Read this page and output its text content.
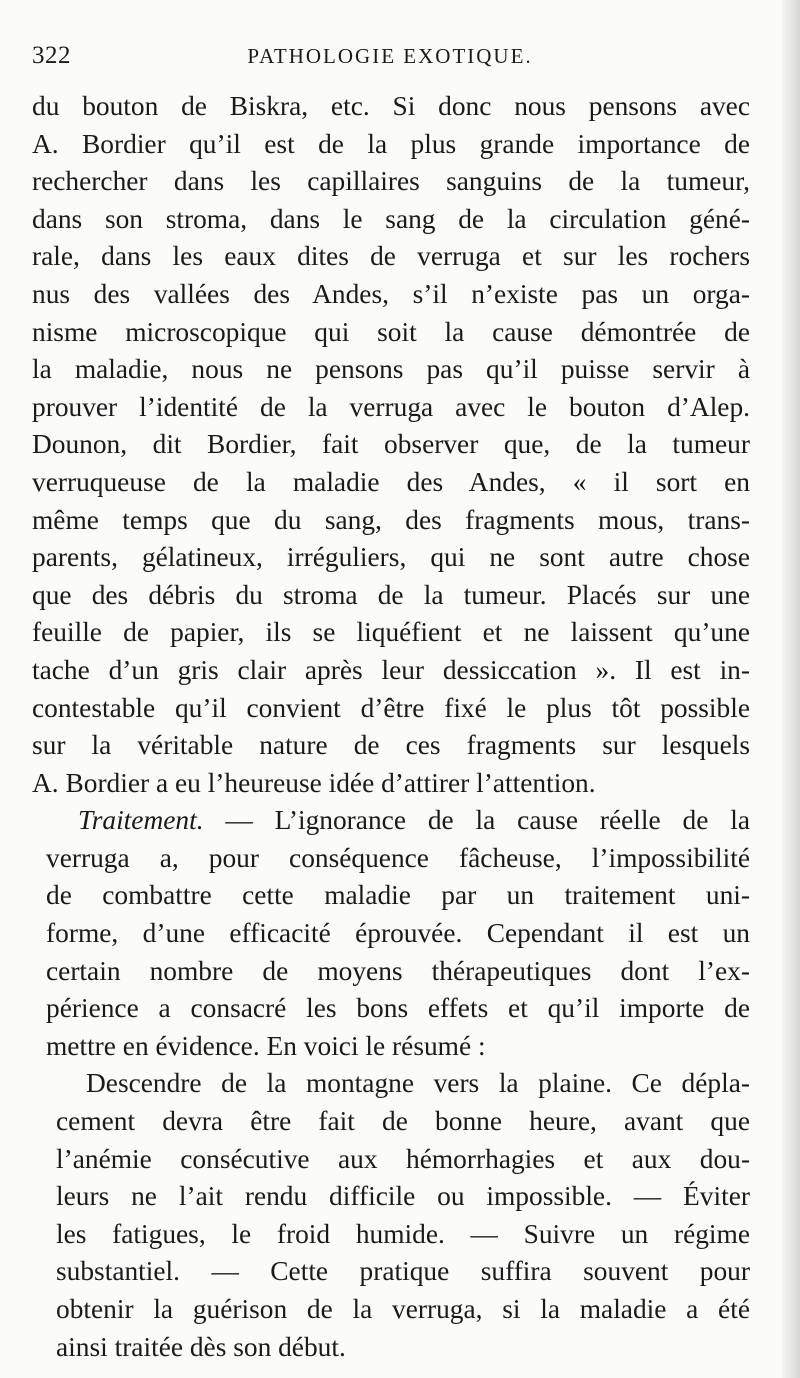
322	PATHOLOGIE EXOTIQUE.
du bouton de Biskra, etc. Si donc nous pensons avec
A. Bordier qu’il est de la plus grande importance de
rechercher dans les capillaires sanguins de la tumeur,
dans son stroma, dans le sang de la circulation géné-
rale, dans les eaux dites de verruga et sur les rochers
nus des vallées des Andes, s’il n’existe pas un orga-
nisme microscopique qui soit la cause démontrée de
la maladie, nous ne pensons pas qu’il puisse servir à
prouver l’identité de la verruga avec le bouton d’Alep.
Dounon, dit Bordier, fait observer que, de la tumeur
verruqueuse de la maladie des Andes, « il sort en
même temps que du sang, des fragments mous, trans-
parents, gélatineux, irréguliers, qui ne sont autre chose
que des débris du stroma de la tumeur. Placés sur une
feuille de papier, ils se liquéfient et ne laissent qu’une
tache d’un gris clair après leur dessiccation ». Il est in-
contestable qu’il convient d’être fixé le plus tôt possible
sur la véritable nature de ces fragments sur lesquels
A. Bordier a eu l’heureuse idée d’attirer l’attention.
Traitement. — L’ignorance de la cause réelle de la
verruga a, pour conséquence fâcheuse, l’impossibilité
de combattre cette maladie par un traitement uni-
forme, d’une efficacité éprouvée. Cependant il est un
certain nombre de moyens thérapeutiques dont l’ex-
périence a consacré les bons effets et qu’il importe de
mettre en évidence. En voici le résumé :
Descendre de la montagne vers la plaine. Ce dépla-
cement devra être fait de bonne heure, avant que
l’anémie consécutive aux hémorrhagies et aux dou-
leurs ne l’ait rendu difficile ou impossible. — Éviter
les fatigues, le froid humide. — Suivre un régime
substantiel. — Cette pratique suffira souvent pour
obtenir la guérison de la verruga, si la maladie a été
ainsi traitée dès son début.
